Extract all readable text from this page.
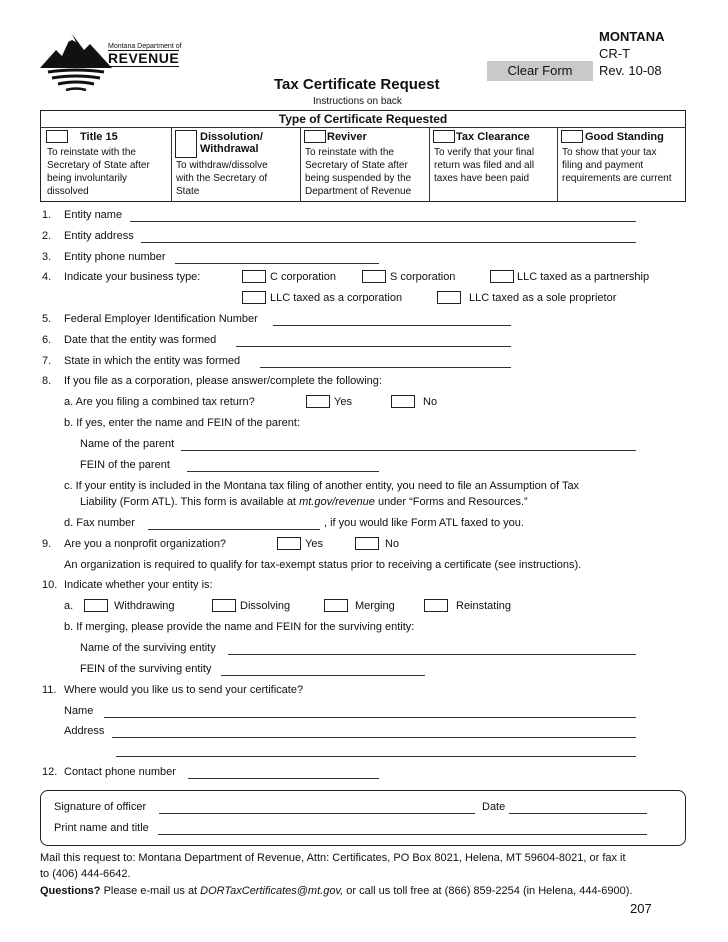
Montana Department of
REVENUE
MONTANA
CR-T
Rev. 10-08
Clear Form
Tax Certificate Request
Instructions on back
Type of Certificate Requested
Title 15
To reinstate with the
Secretary of State after
being involuntarily
dissolved
Dissolution/
Withdrawal
To withdraw/dissolve
with the Secretary of
State
Reviver
To reinstate with the
Secretary of State after
being suspended by the
Department of Revenue
Tax Clearance
To verify that your final
return was filed and all
taxes have been paid
Good Standing
To show that your tax
filing and payment
requirements are current
1. Entity name
2. Entity address
3. Entity phone number
4. Indicate your business type:	C corporation	S corporation	LLC taxed as a partnership
LLC taxed as a corporation	LLC taxed as a sole proprietor
5. Federal Employer Identification Number
6. Date that the entity was formed
7. State in which the entity was formed
8. If you file as a corporation, please answer/complete the following:
a. Are you filing a combined tax return?	Yes	No
b. If yes, enter the name and FEIN of the parent:
Name of the parent
FEIN of the parent
c. If your entity is included in the Montana tax filing of another entity, you need to file an Assumption of Tax
Liability (Form ATL). This form is available at mt.gov/revenue under “Forms and Resources.”
d. Fax number	, if you would like Form ATL faxed to you.
9. Are you a nonprofit organization?	Yes	No
An organization is required to qualify for tax-exempt status prior to receiving a certificate (see instructions).
10. Indicate whether your entity is:
a.	Withdrawing	Dissolving	Merging	Reinstating
b. If merging, please provide the name and FEIN for the surviving entity:
Name of the surviving entity
FEIN of the surviving entity
11. Where would you like us to send your certificate?
Name
Address
12. Contact phone number
Signature of officer	Date
Print name and title
Mail this request to: Montana Department of Revenue, Attn: Certificates, PO Box 8021, Helena, MT 59604-8021, or fax it
to (406) 444-6642.
Questions? Please e-mail us at DORTaxCertificates@mt.gov, or call us toll free at (866) 859-2254 (in Helena, 444-6900).
207
